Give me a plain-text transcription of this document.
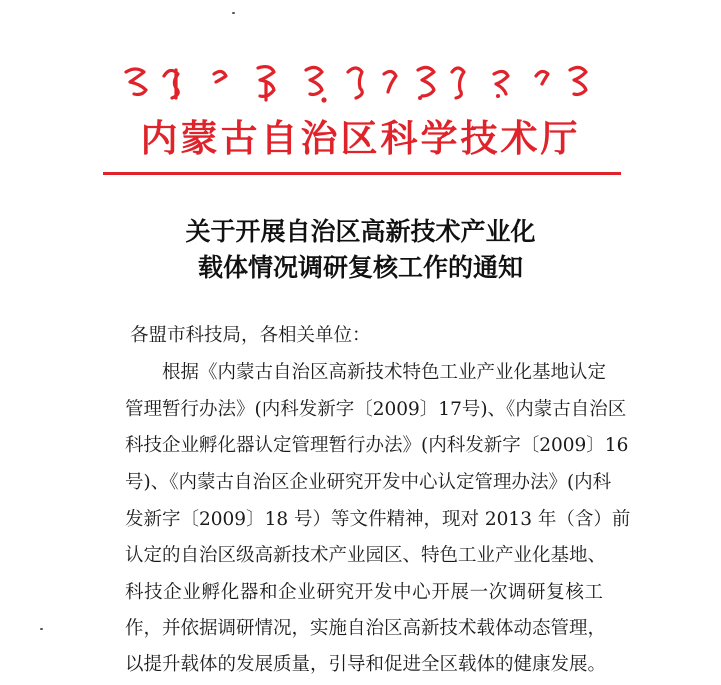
内蒙古自治区科学技术厅
关于开展自治区高新技术产业化
载体情况调研复核工作的通知
各盟市科技局，各相关单位：
根据《内蒙古自治区高新技术特色工业产业化基地认定
管理暂行办法》(内科发新字〔2009〕17号)、《内蒙古自治区
科技企业孵化器认定管理暂行办法》(内科发新字〔2009〕16
号)、《内蒙古自治区企业研究开发中心认定管理办法》(内科
发新字〔2009〕18 号）等文件精神，现对 2013 年（含）前
认定的自治区级高新技术产业园区、特色工业产业化基地、
科技企业孵化器和企业研究开发中心开展一次调研复核工
作，并依据调研情况，实施自治区高新技术载体动态管理，
以提升载体的发展质量，引导和促进全区载体的健康发展。
